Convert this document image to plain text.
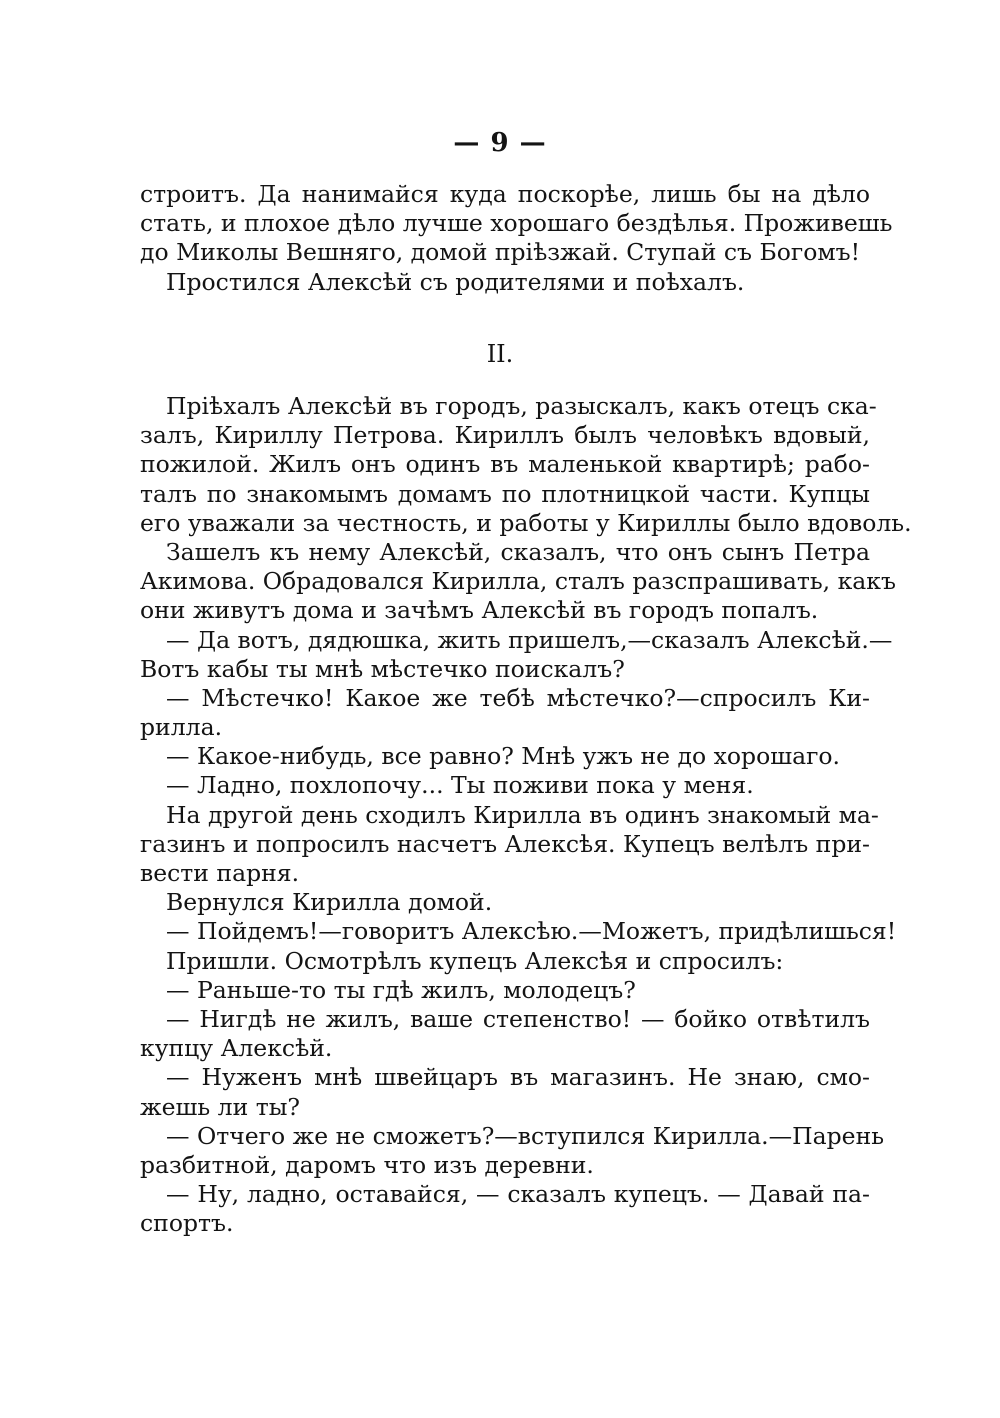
— 9 —
строитъ. Да нанимайся куда поскорѣе, лишь бы на дѣло
стать, и плохое дѣло лучше хорошаго бездѣлья. Проживешь
до Миколы Вешняго, домой пріѣзжай. Ступай съ Богомъ!
Простился Алексѣй съ родителями и поѣхалъ.
II.
Пріѣхалъ Алексѣй въ городъ, разыскалъ, какъ отецъ ска-
залъ, Кириллу Петрова. Кириллъ былъ человѣкъ вдовый,
пожилой. Жилъ онъ одинъ въ маленькой квартирѣ; рабо-
талъ по знакомымъ домамъ по плотницкой части. Купцы
его уважали за честность, и работы у Кириллы было вдоволь.
Зашелъ къ нему Алексѣй, сказалъ, что онъ сынъ Петра
Акимова. Обрадовался Кирилла, сталъ разспрашивать, какъ
они живутъ дома и зачѣмъ Алексѣй въ городъ попалъ.
— Да вотъ, дядюшка, жить пришелъ,—сказалъ Алексѣй.—
Вотъ кабы ты мнѣ мѣстечко поискалъ?
— Мѣстечко! Какое же тебѣ мѣстечко?—спросилъ Ки-
рилла.
— Какое-нибудь, все равно? Мнѣ ужъ не до хорошаго.
— Ладно, похлопочу... Ты поживи пока у меня.
На другой день сходилъ Кирилла въ одинъ знакомый ма-
газинъ и попросилъ насчетъ Алексѣя. Купецъ велѣлъ при-
вести парня.
Вернулся Кирилла домой.
— Пойдемъ!—говоритъ Алексѣю.—Можетъ, придѣлишься!
Пришли. Осмотрѣлъ купецъ Алексѣя и спросилъ:
— Раньше-то ты гдѣ жилъ, молодецъ?
— Нигдѣ не жилъ, ваше степенство! — бойко отвѣтилъ
купцу Алексѣй.
— Нуженъ мнѣ швейцаръ въ магазинъ. Не знаю, смо-
жешь ли ты?
— Отчего же не сможетъ?—вступился Кирилла.—Парень
разбитной, даромъ что изъ деревни.
— Ну, ладно, оставайся, — сказалъ купецъ. — Давай па-
спортъ.
